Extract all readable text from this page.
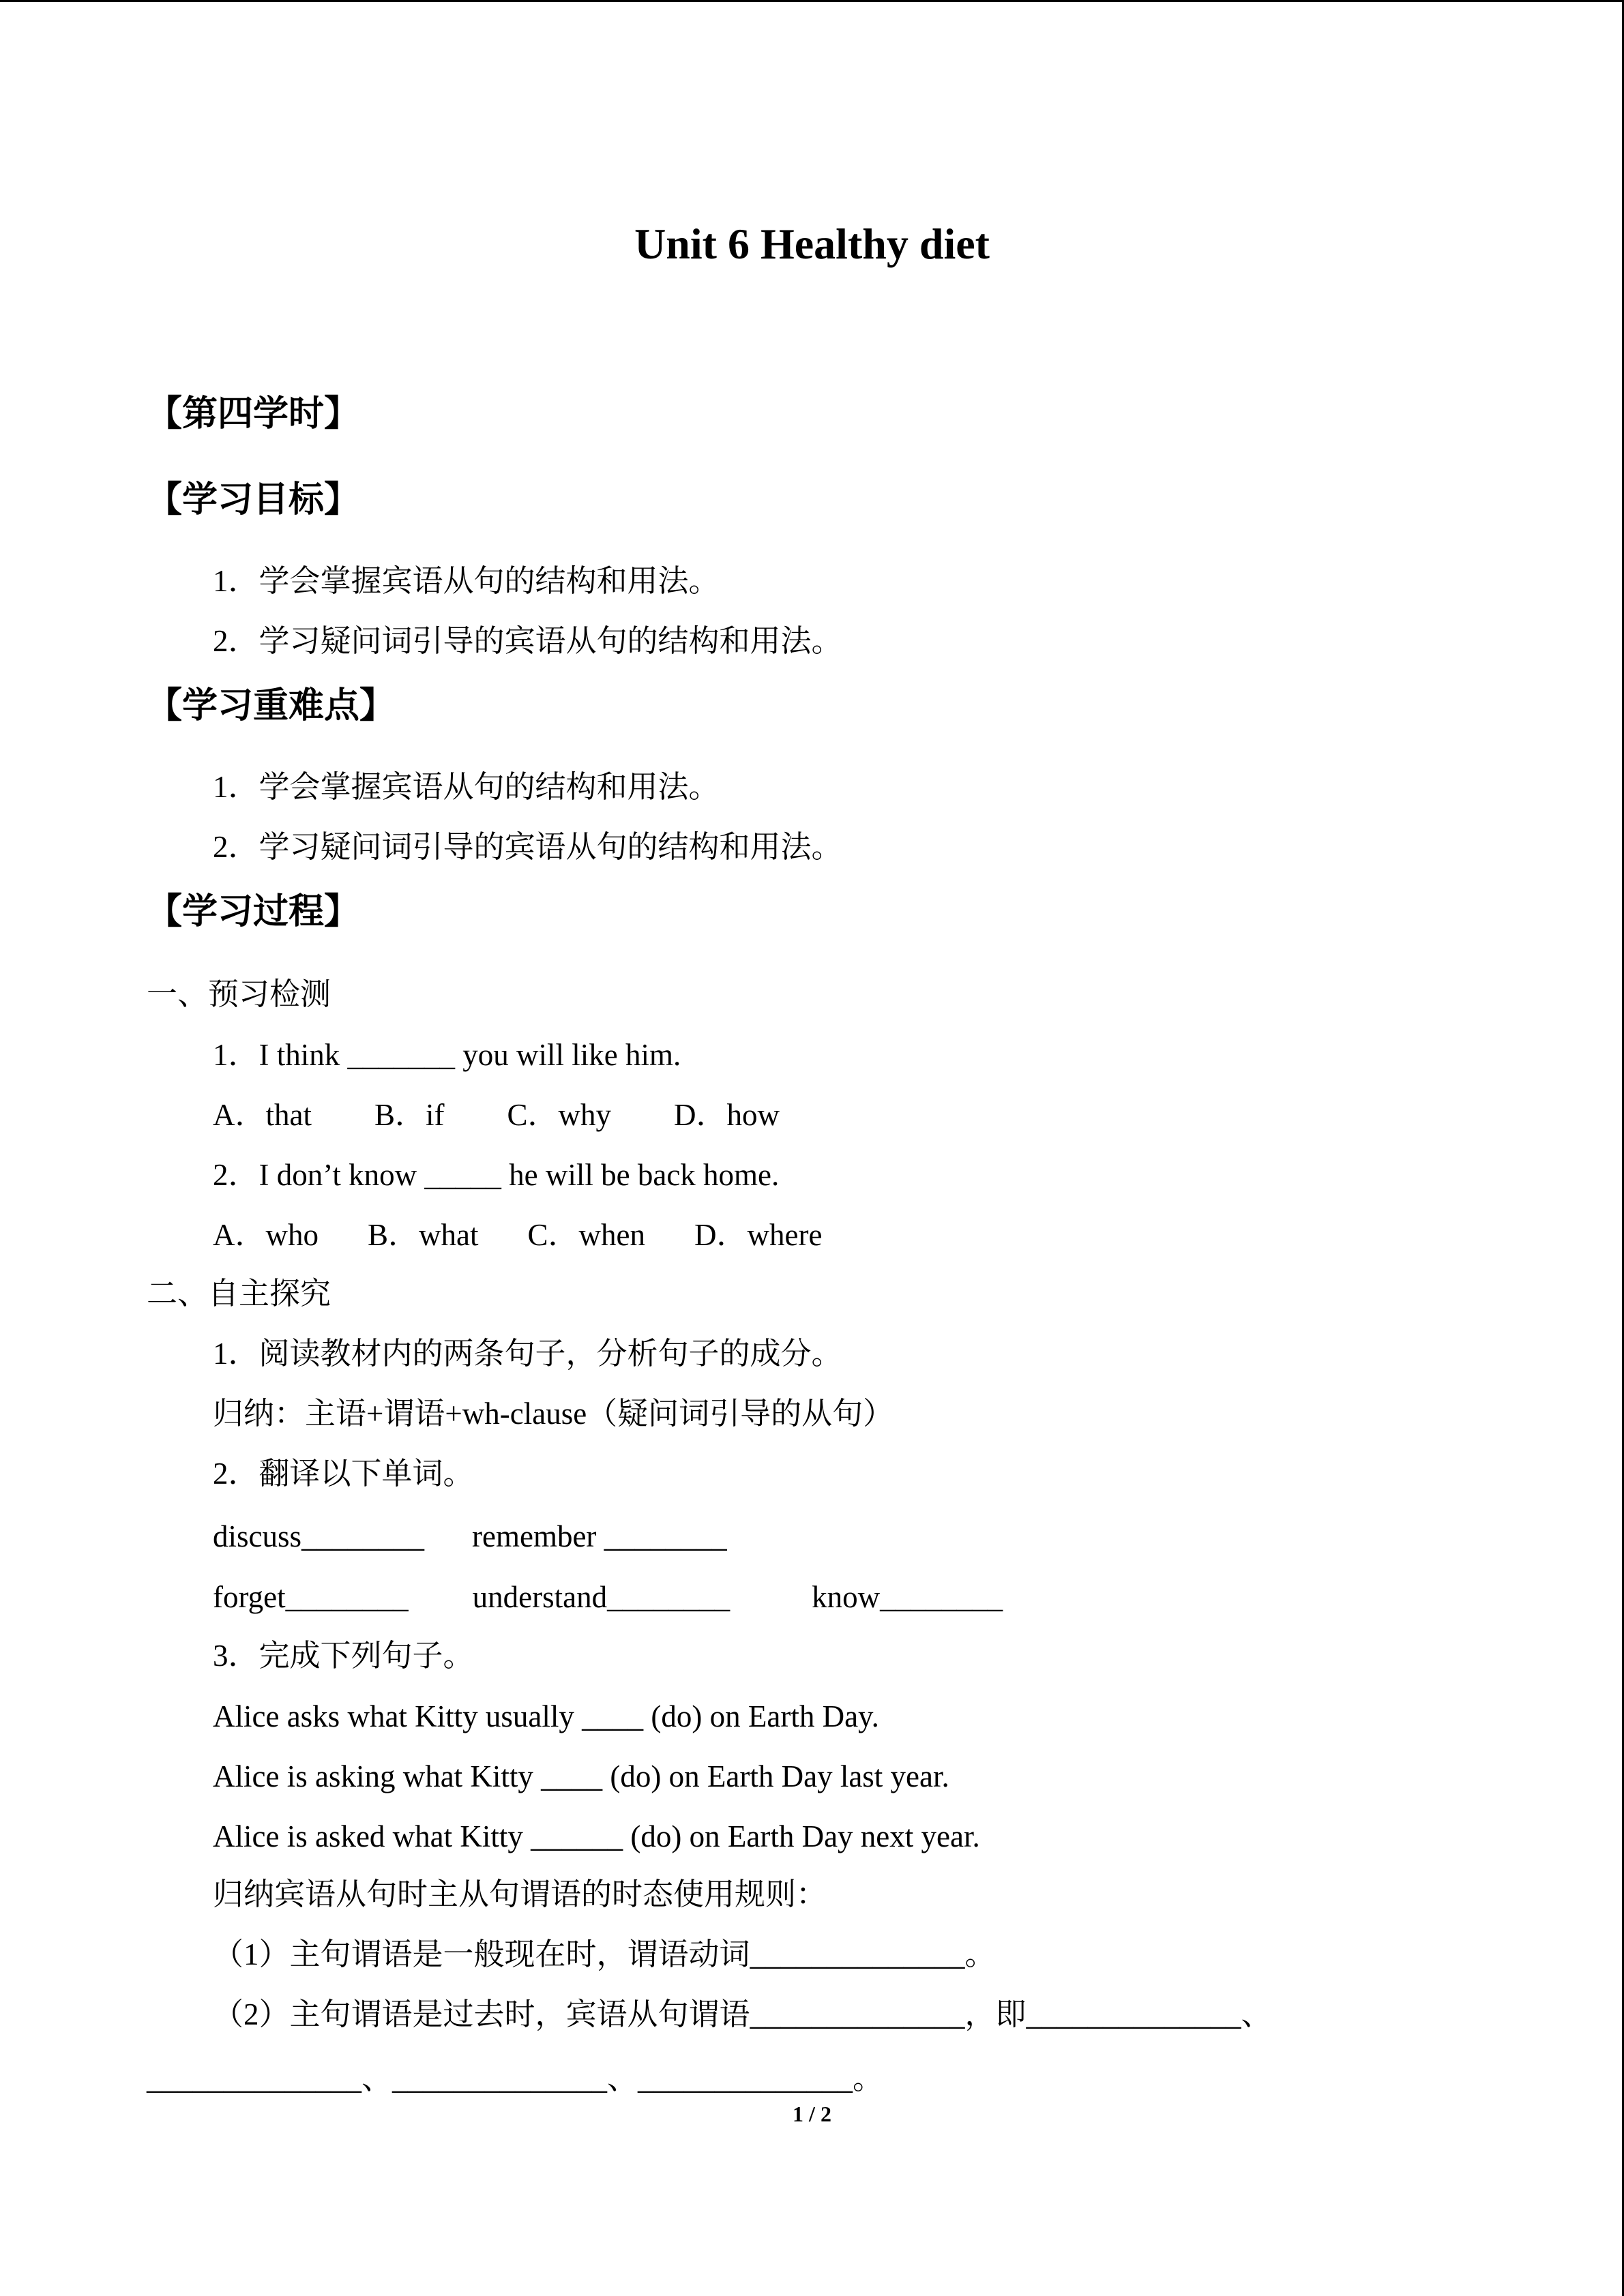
Unit 6 Healthy diet
【第四学时】
【学习目标】
1．学会掌握宾语从句的结构和用法。
2．学习疑问词引导的宾语从句的结构和用法。
【学习重难点】
1．学会掌握宾语从句的结构和用法。
2．学习疑问词引导的宾语从句的结构和用法。
【学习过程】
一、预习检测
1．I think _______ you will like him.
A．that B．if C．why D．how
2．I don’t know _____ he will be back home.
A．who B．what C．when D．where
二、自主探究
1．阅读教材内的两条句子，分析句子的成分。
归纳：主语+谓语+wh-clause（疑问词引导的从句）
2．翻译以下单词。
discuss________ remember ________
forget________ understand________	know________
3．完成下列句子。
Alice asks what Kitty usually ____ (do) on Earth Day.
Alice is asking what Kitty ____ (do) on Earth Day last year.
Alice is asked what Kitty ______ (do) on Earth Day next year.
归纳宾语从句时主从句谓语的时态使用规则：
（1）主句谓语是一般现在时，谓语动词______________。
（2）主句谓语是过去时，宾语从句谓语______________，即______________、
______________、______________、______________。
1 / 2
